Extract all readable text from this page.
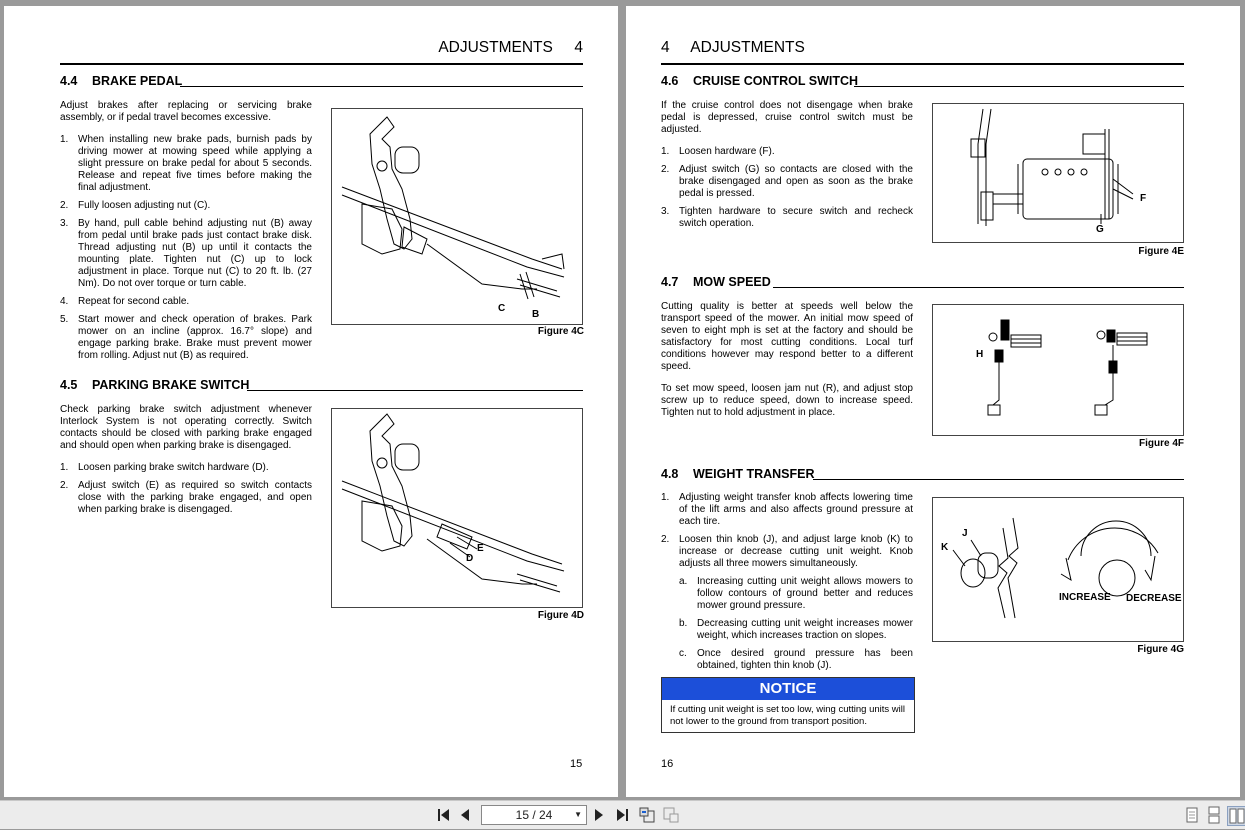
ADJUSTMENTS     4
4.4 BRAKE PEDAL

Adjust brakes after replacing or servicing brake assembly, or if pedal travel becomes excessive.

1. When installing new brake pads, burnish pads by driving mower at mowing speed while applying a slight pressure on brake pedal for about 5 seconds. Release and repeat five times before making the final adjustment.
2. Fully loosen adjusting nut (C).
3. By hand, pull cable behind adjusting nut (B) away from pedal until brake pads just contact brake disk. Thread adjusting nut (B) up until it contacts the mounting plate. Tighten nut (C) up to lock adjustment in place. Torque nut (C) to 20 ft. lb. (27 Nm). Do not over torque or turn cable.
4. Repeat for second cable.
5. Start mower and check operation of brakes. Park mower on an incline (approx. 16.7° slope) and engage parking brake. Brake must prevent mower from rolling. Adjust nut (B) as required.
C
B
Figure 4C
4.5 PARKING BRAKE SWITCH

Check parking brake switch adjustment whenever Interlock System is not operating correctly. Switch contacts should be closed with parking brake engaged and should open when parking brake is disengaged.

1. Loosen parking brake switch hardware (D).
2. Adjust switch (E) as required so switch contacts close with the parking brake engaged, and open when parking brake is disengaged.
E
D
Figure 4D
15
4     ADJUSTMENTS
4.6 CRUISE CONTROL SWITCH

If the cruise control does not disengage when brake pedal is depressed, cruise control switch must be adjusted.

1. Loosen hardware (F).
2. Adjust switch (G) so contacts are closed with the brake disengaged and open as soon as the brake pedal is pressed.
3. Tighten hardware to secure switch and recheck switch operation.
F
G
Figure 4E
4.7 MOW SPEED

Cutting quality is better at speeds well below the transport speed of the mower. An initial mow speed of seven to eight mph is set at the factory and should be satisfactory for most cutting conditions. Local turf conditions however may respond better to a different speed.

To set mow speed, loosen jam nut (R), and adjust stop screw up to reduce speed, down to increase speed. Tighten nut to hold adjustment in place.

H
Figure 4F
4.8 WEIGHT TRANSFER
1. Adjusting weight transfer knob affects lowering time of the lift arms and also affects ground pressure at each tire.
2. Loosen thin knob (J), and adjust large knob (K) to increase or decrease cutting unit weight. Knob adjusts all three mowers simultaneously.
a. Increasing cutting unit weight allows mowers to follow contours of ground better and reduces mower ground pressure.
b. Decreasing cutting unit weight increases mower weight, which increases traction on slopes.
c. Once desired ground pressure has been obtained, tighten thin knob (J).
J
K
INCREASE DECREASE
Figure 4G
NOTICE
If cutting unit weight is set too low, wing cutting units will not lower to the ground from transport position.
16
15 / 24	▼
